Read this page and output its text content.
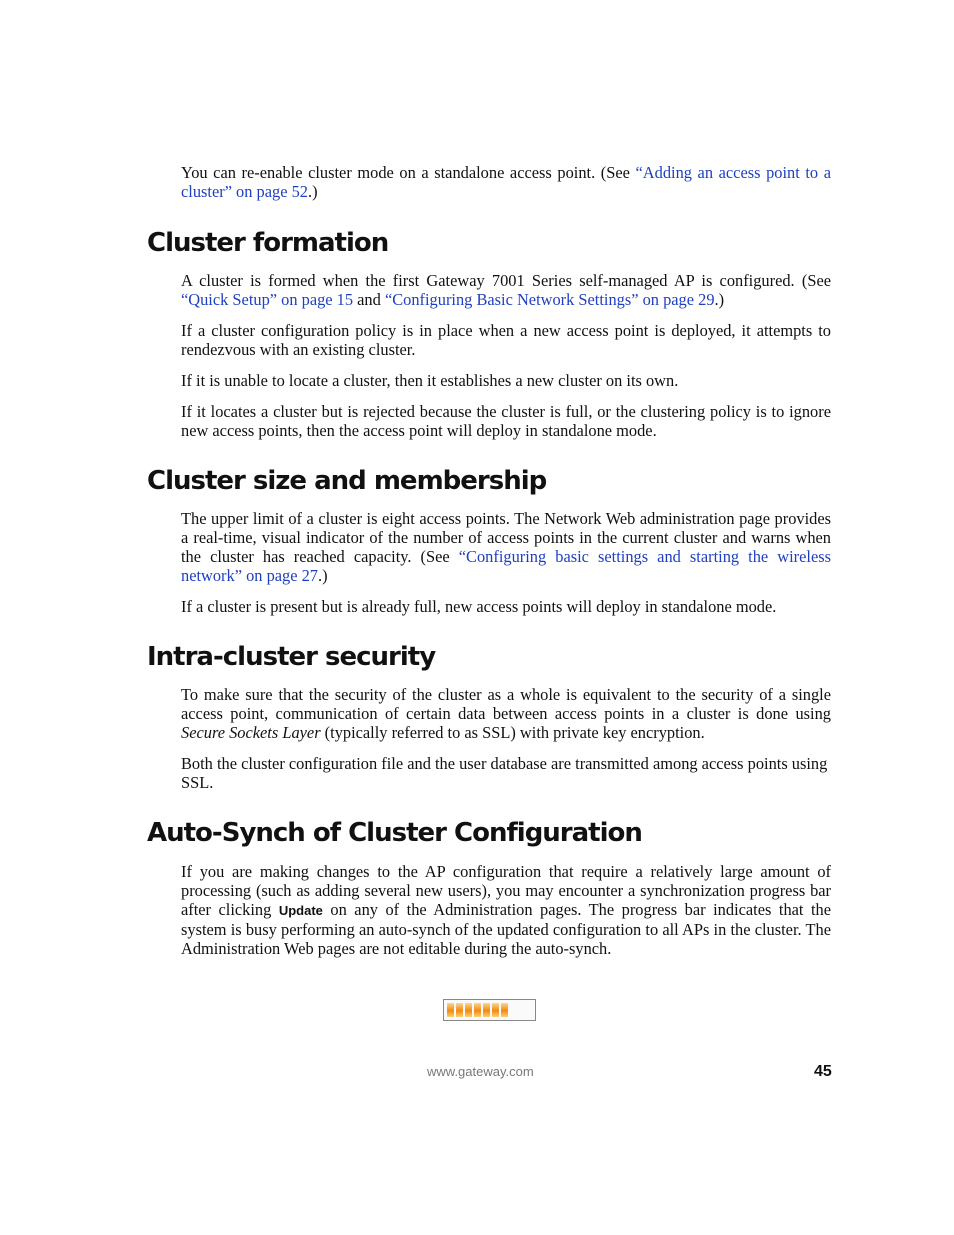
You can re-enable cluster mode on a standalone access point. (See “Adding an access point to a cluster” on page 52.)

Cluster formation

A cluster is formed when the first Gateway 7001 Series self-managed AP is configured. (See “Quick Setup” on page 15 and “Configuring Basic Network Settings” on page 29.)

If a cluster configuration policy is in place when a new access point is deployed, it attempts to rendezvous with an existing cluster.

If it is unable to locate a cluster, then it establishes a new cluster on its own.

If it locates a cluster but is rejected because the cluster is full, or the clustering policy is to ignore new access points, then the access point will deploy in standalone mode.

Cluster size and membership

The upper limit of a cluster is eight access points. The Network Web administration page provides a real-time, visual indicator of the number of access points in the current cluster and warns when the cluster has reached capacity. (See “Configuring basic settings and starting the wireless network” on page 27.)

If a cluster is present but is already full, new access points will deploy in standalone mode.

Intra-cluster security

To make sure that the security of the cluster as a whole is equivalent to the security of a single access point, communication of certain data between access points in a cluster is done using Secure Sockets Layer (typically referred to as SSL) with private key encryption.

Both the cluster configuration file and the user database are transmitted among access points using SSL.

Auto-Synch of Cluster Configuration

If you are making changes to the AP configuration that require a relatively large amount of processing (such as adding several new users), you may encounter a synchronization progress bar after clicking Update on any of the Administration pages. The progress bar indicates that the system is busy performing an auto-synch of the updated configuration to all APs in the cluster. The Administration Web pages are not editable during the auto-synch.

www.gateway.com	45
